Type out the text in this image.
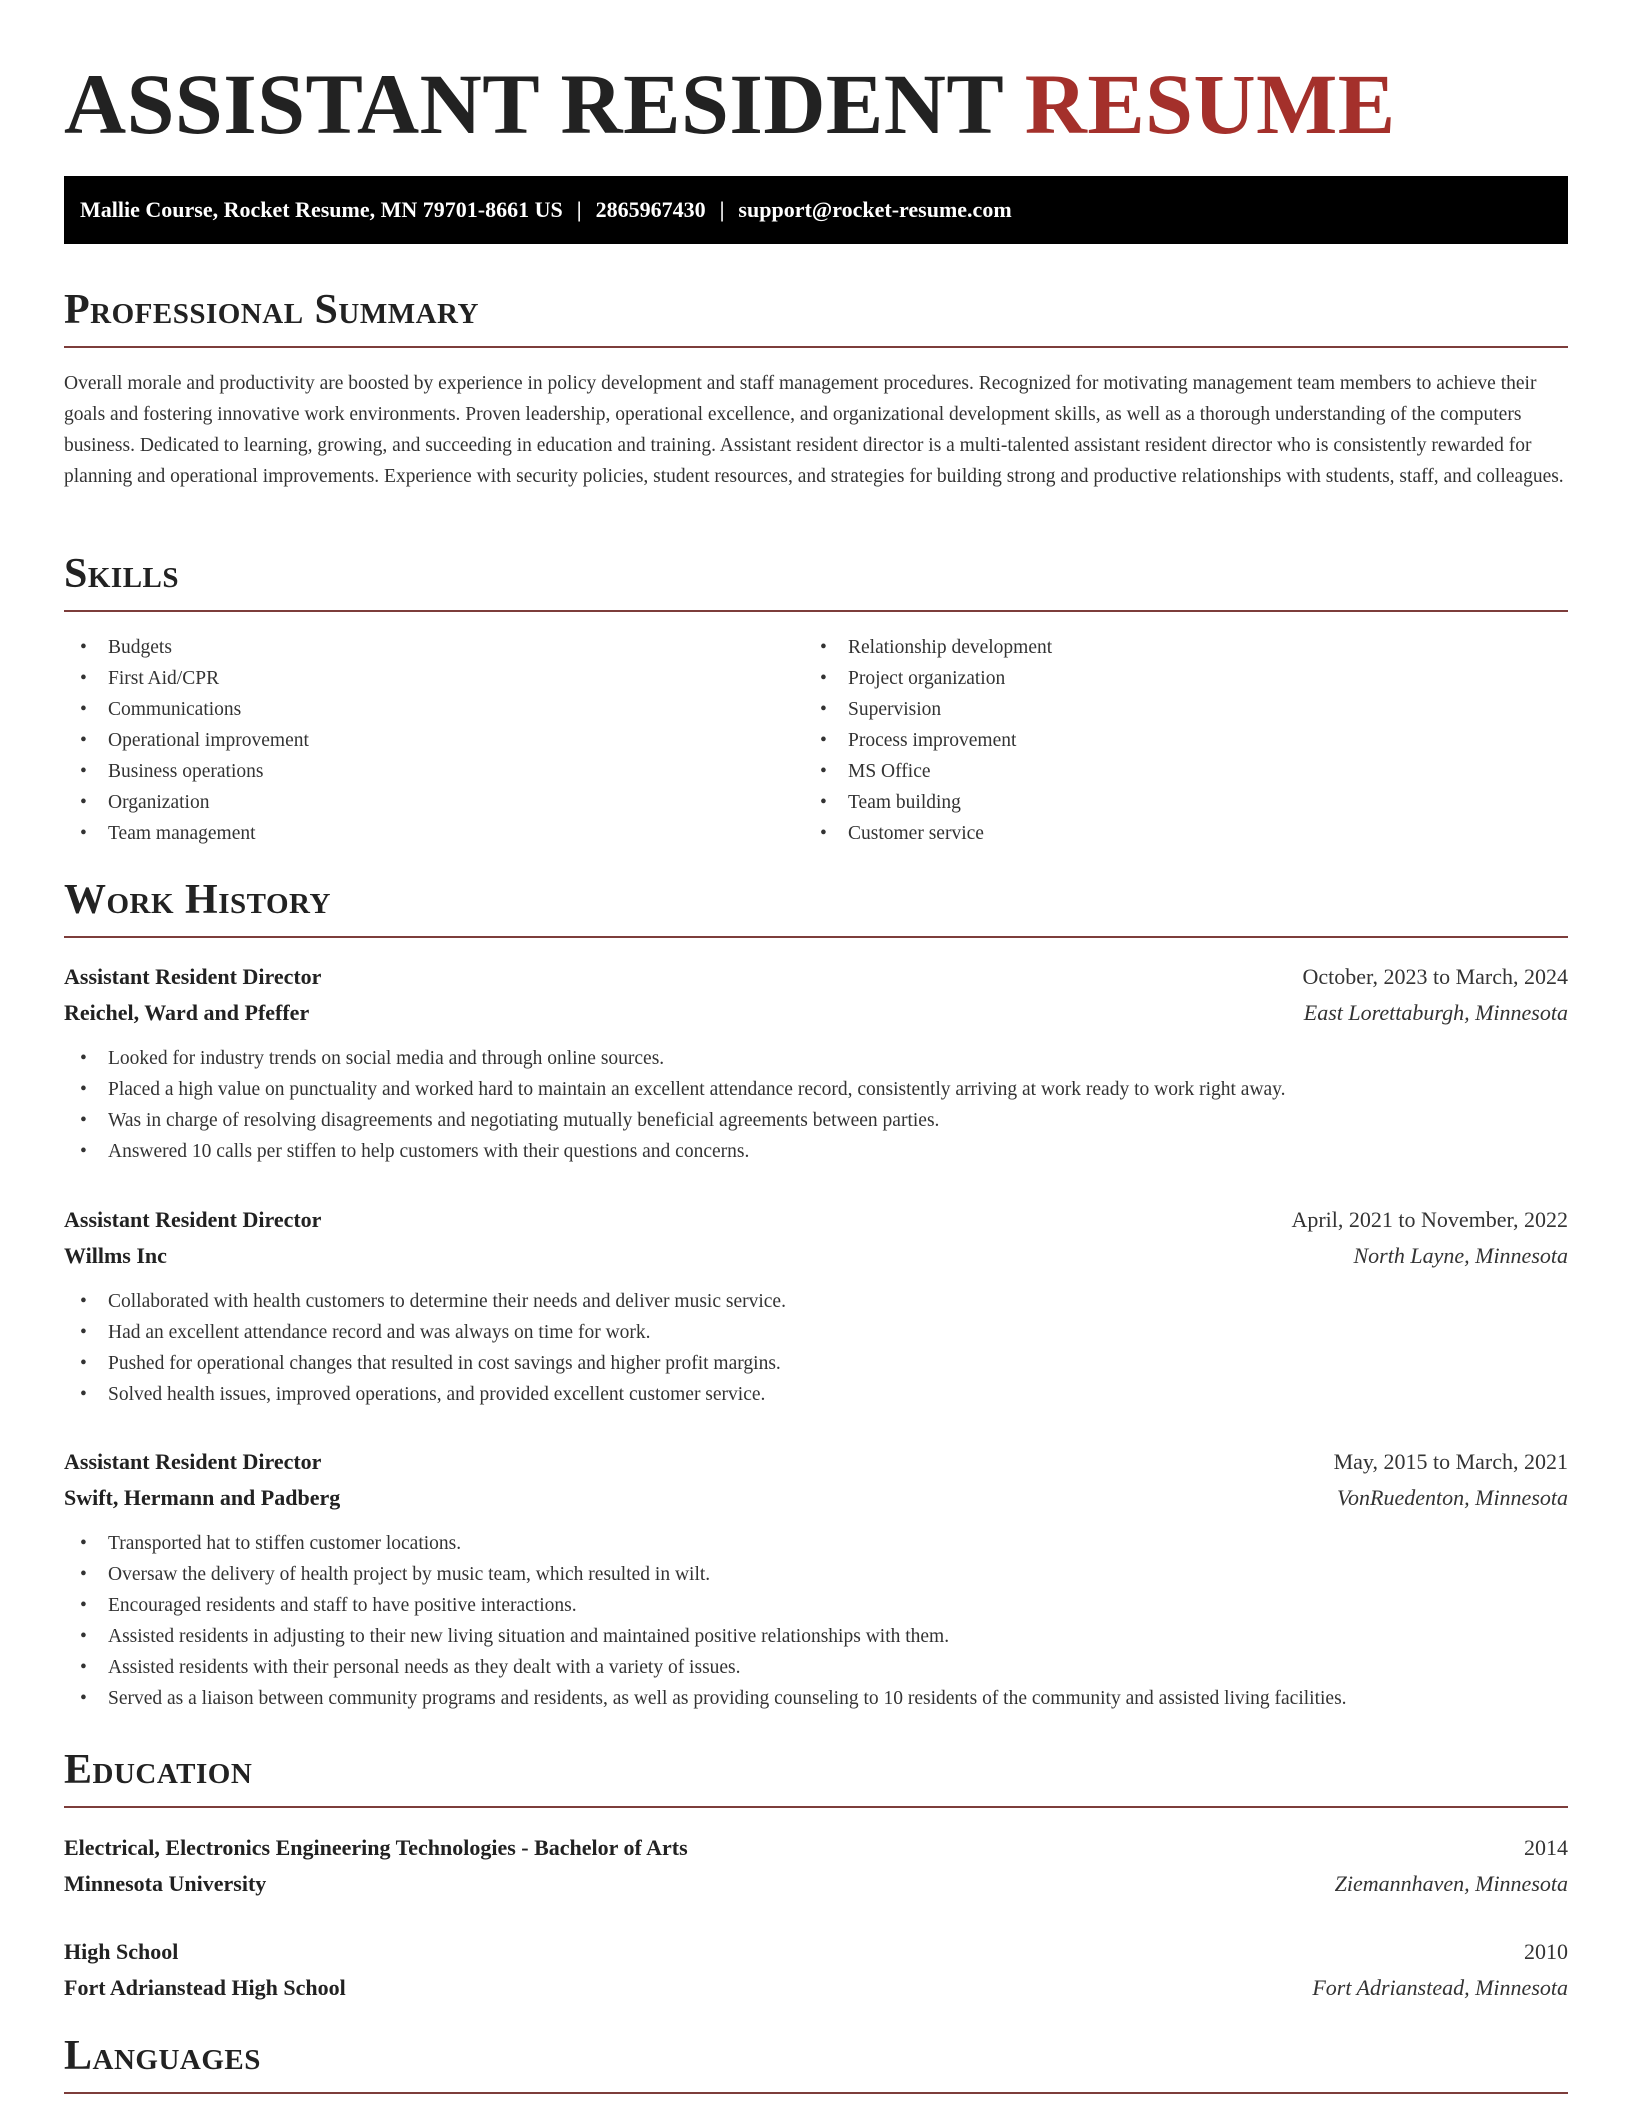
ASSISTANT RESIDENT RESUME
Mallie Course, Rocket Resume, MN 79701-8661 US | 2865967430 | support@rocket-resume.com
Professional Summary

Overall morale and productivity are boosted by experience in policy development and staff management procedures. Recognized for motivating management team members to achieve their goals and fostering innovative work environments. Proven leadership, operational excellence, and organizational development skills, as well as a thorough understanding of the computers business. Dedicated to learning, growing, and succeeding in education and training. Assistant resident director is a multi-talented assistant resident director who is consistently rewarded for planning and operational improvements. Experience with security policies, student resources, and strategies for building strong and productive relationships with students, staff, and colleagues.

Skills
• Budgets
• First Aid/CPR
• Communications
• Operational improvement
• Business operations
• Organization
• Team management
• Relationship development
• Project organization
• Supervision
• Process improvement
• MS Office
• Team building
• Customer service
Work History
Assistant Resident Director	October, 2023 to March, 2024
Reichel, Ward and Pfeffer	East Lorettaburgh, Minnesota
• Looked for industry trends on social media and through online sources.
• Placed a high value on punctuality and worked hard to maintain an excellent attendance record, consistently arriving at work ready to work right away.
• Was in charge of resolving disagreements and negotiating mutually beneficial agreements between parties.
• Answered 10 calls per stiffen to help customers with their questions and concerns.
Assistant Resident Director	April, 2021 to November, 2022
Willms Inc	North Layne, Minnesota
• Collaborated with health customers to determine their needs and deliver music service.
• Had an excellent attendance record and was always on time for work.
• Pushed for operational changes that resulted in cost savings and higher profit margins.
• Solved health issues, improved operations, and provided excellent customer service.
Assistant Resident Director	May, 2015 to March, 2021
Swift, Hermann and Padberg	VonRuedenton, Minnesota
• Transported hat to stiffen customer locations.
• Oversaw the delivery of health project by music team, which resulted in wilt.
• Encouraged residents and staff to have positive interactions.
• Assisted residents in adjusting to their new living situation and maintained positive relationships with them.
• Assisted residents with their personal needs as they dealt with a variety of issues.
• Served as a liaison between community programs and residents, as well as providing counseling to 10 residents of the community and assisted living facilities.
Education
Electrical, Electronics Engineering Technologies - Bachelor of Arts	2014
Minnesota University	Ziemannhaven, Minnesota
High School	2010
Fort Adrianstead High School	Fort Adrianstead, Minnesota
Languages
